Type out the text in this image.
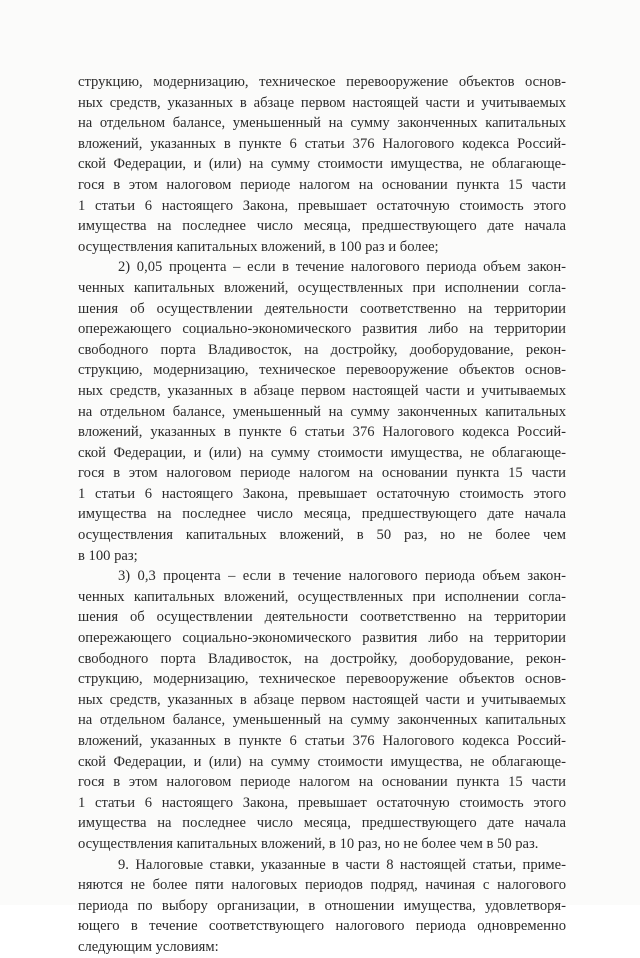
струкцию, модернизацию, техническое перевооружение объектов основ-
ных средств, указанных в абзаце первом настоящей части и учитываемых
на отдельном балансе, уменьшенный на сумму законченных капитальных
вложений, указанных в пункте 6 статьи 376 Налогового кодекса Россий-
ской Федерации, и (или) на сумму стоимости имущества, не облагающе-
гося в этом налоговом периоде налогом на основании пункта 15 части
1 статьи 6 настоящего Закона, превышает остаточную стоимость этого
имущества на последнее число месяца, предшествующего дате начала
осуществления капитальных вложений, в 100 раз и более;

2) 0,05 процента – если в течение налогового периода объем закон-
ченных капитальных вложений, осуществленных при исполнении согла-
шения об осуществлении деятельности соответственно на территории
опережающего социально-экономического развития либо на территории
свободного порта Владивосток, на достройку, дооборудование, рекон-
струкцию, модернизацию, техническое перевооружение объектов основ-
ных средств, указанных в абзаце первом настоящей части и учитываемых
на отдельном балансе, уменьшенный на сумму законченных капитальных
вложений, указанных в пункте 6 статьи 376 Налогового кодекса Россий-
ской Федерации, и (или) на сумму стоимости имущества, не облагающе-
гося в этом налоговом периоде налогом на основании пункта 15 части
1 статьи 6 настоящего Закона, превышает остаточную стоимость этого
имущества на последнее число месяца, предшествующего дате начала
осуществления капитальных вложений, в 50 раз, но не более чем
в 100 раз;

3) 0,3 процента – если в течение налогового периода объем закон-
ченных капитальных вложений, осуществленных при исполнении согла-
шения об осуществлении деятельности соответственно на территории
опережающего социально-экономического развития либо на территории
свободного порта Владивосток, на достройку, дооборудование, рекон-
струкцию, модернизацию, техническое перевооружение объектов основ-
ных средств, указанных в абзаце первом настоящей части и учитываемых
на отдельном балансе, уменьшенный на сумму законченных капитальных
вложений, указанных в пункте 6 статьи 376 Налогового кодекса Россий-
ской Федерации, и (или) на сумму стоимости имущества, не облагающе-
гося в этом налоговом периоде налогом на основании пункта 15 части
1 статьи 6 настоящего Закона, превышает остаточную стоимость этого
имущества на последнее число месяца, предшествующего дате начала
осуществления капитальных вложений, в 10 раз, но не более чем в 50 раз.

9. Налоговые ставки, указанные в части 8 настоящей статьи, приме-
няются не более пяти налоговых периодов подряд, начиная с налогового
периода по выбору организации, в отношении имущества, удовлетворя-
ющего в течение соответствующего налогового периода одновременно
следующим условиям:
